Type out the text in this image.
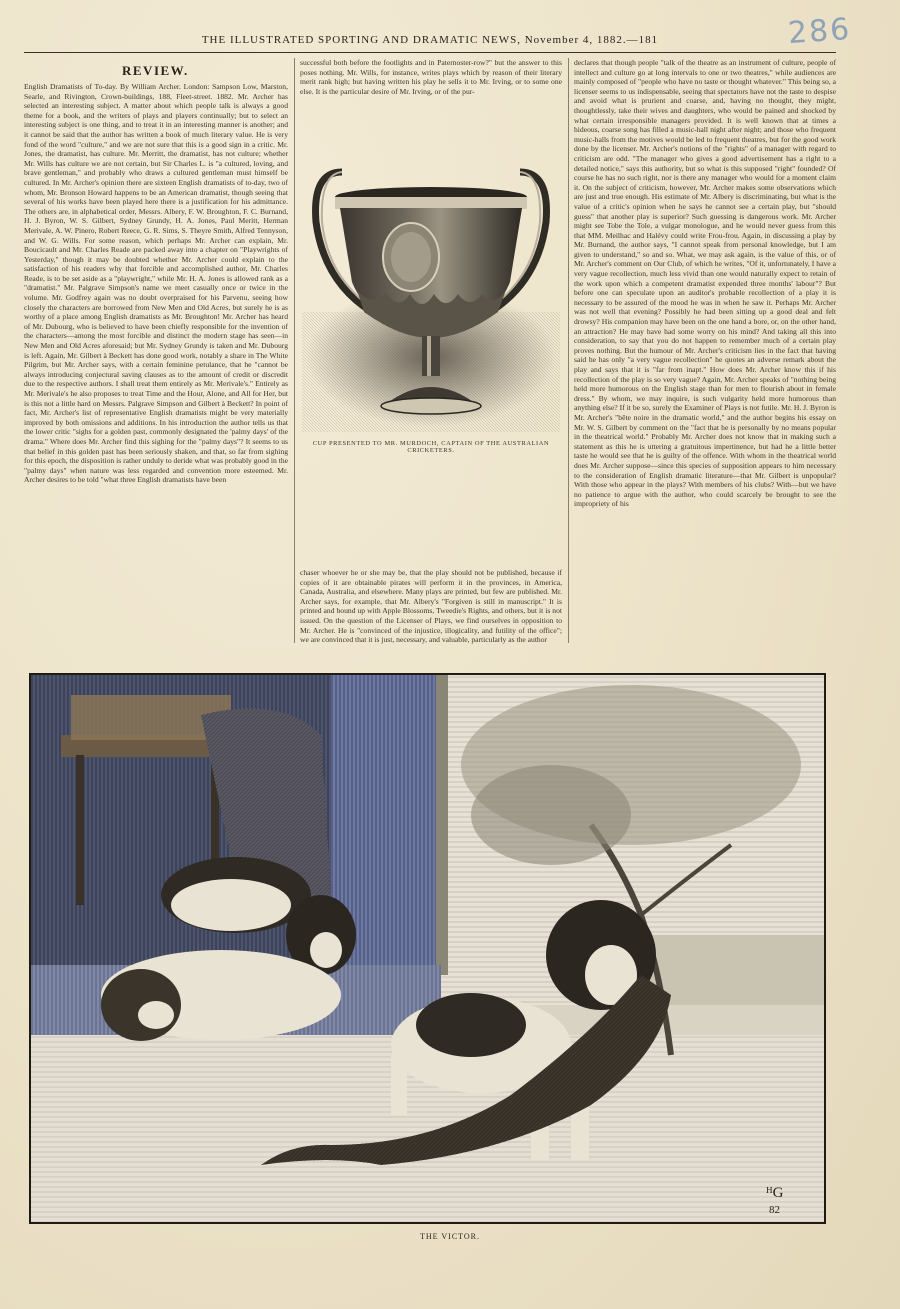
286
THE ILLUSTRATED SPORTING AND DRAMATIC NEWS, November 4, 1882.—181
REVIEW.

English Dramatists of To-day. By William Archer. London: Sampson Low, Marston, Searle, and Rivington, Crown-buildings, 188, Fleet-street. 1882. Mr. Archer has selected an interesting subject. A matter about which people talk is always a good theme for a book, and the writers of plays and players continually; but to select an interesting subject is one thing, and to treat it in an interesting manner is another; and it cannot be said that the author has written a book of much literary value. He is very fond of the word "culture," and we are not sure that this is a good sign in a critic. Mr. Jones, the dramatist, has culture. Mr. Merritt, the dramatist, has not culture; whether Mr. Wills has culture we are not certain, but Sir Charles L. is "a cultured, loving, and brave gentleman," and probably who draws a cultured gentleman must himself be cultured. In Mr. Archer's opinion there are sixteen English dramatists of to-day, two of whom, Mr. Bronson Howard happens to be an American dramatist, though seeing that several of his works have been played here there is a justification for his admittance. The others are, in alphabetical order, Messrs. Albery, F. W. Broughton, F. C. Burnand, H. J. Byron, W. S. Gilbert, Sydney Grundy, H. A. Jones, Paul Meritt, Herman Merivale, A. W. Pinero, Robert Reece, G. R. Sims, S. Theyre Smith, Alfred Tennyson, and W. G. Wills. For some reason, which perhaps Mr. Archer can explain, Mr. Boucicault and Mr. Charles Reade are packed away into a chapter on "Playwrights of Yesterday," though it may be doubted whether Mr. Archer could explain to the satisfaction of his readers why that forcible and accomplished author, Mr. Charles Reade, is to be set aside as a "playwright," while Mr. H. A. Jones is allowed rank as a "dramatist." Mr. Palgrave Simpson's name we meet casually once or twice in the volume. Mr. Godfrey again was no doubt overpraised for his Parvenu, seeing how closely the characters are borrowed from New Men and Old Acres, but surely he is as worthy of a place among English dramatists as Mr. Broughton! Mr. Archer has heard of Mr. Dubourg, who is believed to have been chiefly responsible for the invention of the characters—among the most forcible and distinct the modern stage has seen—in New Men and Old Acres aforesaid; but Mr. Sydney Grundy is taken and Mr. Dubourg is left. Again, Mr. Gilbert à Beckett has done good work, notably a share in The White Pilgrim, but Mr. Archer says, with a certain feminine petulance, that he "cannot be always introducing conjectural saving clauses as to the amount of credit or discredit due to the respective authors. I shall treat them entirely as Mr. Merivale's." Entirely as Mr. Merivale's he also proposes to treat Time and the Hour, Alone, and All for Her, but is this not a little hard on Messrs. Palgrave Simpson and Gilbert à Beckett? In point of fact, Mr. Archer's list of representative English dramatists might be very materially improved by both omissions and additions. In his introduction the author tells us that the lower critic "sighs for a golden past, commonly designated the 'palmy days' of the drama." Where does Mr. Archer find this sighing for the "palmy days"? It seems to us that belief in this golden past has been seriously shaken, and that, so far from sighing for this epoch, the disposition is rather unduly to deride what was probably good in the "palmy days" when nature was less regarded and convention more esteemed. Mr. Archer desires to be told "what three English dramatists have been

successful both before the footlights and in Paternoster-row?" but the answer to this poses nothing. Mr. Wills, for instance, writes plays which by reason of their literary merit rank high; but having written his play he sells it to Mr. Irving, or to some one else. It is the particular desire of Mr. Irving, or of the pur-

CUP PRESENTED TO MR. MURDOCH, CAPTAIN OF THE AUSTRALIAN CRICKETERS.

chaser whoever he or she may be, that the play should not be published, because if copies of it are obtainable pirates will perform it in the provinces, in America, Canada, Australia, and elsewhere. Many plays are printed, but few are published. Mr. Archer says, for example, that Mr. Albery's "Forgiven is still in manuscript." It is printed and bound up with Apple Blossoms, Tweedie's Rights, and others, but it is not issued. On the question of the Licenser of Plays, we find ourselves in opposition to Mr. Archer. He is "convinced of the injustice, illogicality, and futility of the office"; we are convinced that it is just, necessary, and valuable, particularly as the author

declares that though people "talk of the theatre as an instrument of culture, people of intellect and culture go at long intervals to one or two theatres," while audiences are mainly composed of "people who have no taste or thought whatever." This being so, a licenser seems to us indispensable, seeing that spectators have not the taste to despise and avoid what is prurient and coarse, and, having no thought, they might, thoughtlessly, take their wives and daughters, who would be pained and shocked by what certain irresponsible managers provided. It is well known that at times a hideous, coarse song has filled a music-hall night after night; and those who frequent music-halls from the motives would be led to frequent theatres, but for the good work done by the licenser. Mr. Archer's notions of the "rights" of a manager with regard to criticism are odd. "The manager who gives a good advertisement has a right to a detailed notice," says this authority, but so what is this supposed "right" founded? Of course he has no such right, nor is there any manager who would for a moment claim it. On the subject of criticism, however, Mr. Archer makes some observations which are just and true enough. His estimate of Mr. Albery is discriminating, but what is the value of a critic's opinion when he says he cannot see a certain play, but "should guess" that another play is superior? Such guessing is dangerous work. Mr. Archer might see Tobe the Tole, a vulgar monologue, and he would never guess from this that MM. Meilhac and Halévy could write Frou-frou. Again, in discussing a play by Mr. Burnand, the author says, "I cannot speak from personal knowledge, but I am given to understand," so and so. What, we may ask again, is the value of this, or of Mr. Archer's comment on Our Club, of which he writes, "Of it, unfortunately, I have a very vague recollection, much less vivid than one would naturally expect to retain of the work upon which a competent dramatist expended three months' labour"? But before one can speculate upon an auditor's probable recollection of a play it is necessary to be assured of the mood he was in when he saw it. Perhaps Mr. Archer was not well that evening? Possibly he had been sitting up a good deal and felt drowsy? His companion may have been on the one hand a bore, or, on the other hand, an attraction? He may have had some worry on his mind? And taking all this into consideration, to say that you do not happen to remember much of a certain play proves nothing. But the humour of Mr. Archer's criticism lies in the fact that having said he has only "a very vague recollection" he quotes an adverse remark about the play and says that it is "far from inapt." How does Mr. Archer know this if his recollection of the play is so very vague? Again, Mr. Archer speaks of "nothing being held more humorous on the English stage than for men to flourish about in female dress." By whom, we may inquire, is such vulgarity held more humorous than anything else? If it be so, surely the Examiner of Plays is not futile. Mr. H. J. Byron is Mr. Archer's "bête noire in the dramatic world," and the author begins his essay on Mr. W. S. Gilbert by comment on the "fact that he is personally by no means popular in the theatrical world." Probably Mr. Archer does not know that in making such a statement as this he is uttering a gratuitous impertinence, but had he a little better taste he would see that he is guilty of the offence. With whom in the theatrical world does Mr. Archer suppose—since this species of supposition appears to him necessary to the consideration of English dramatic literature—that Mr. Gilbert is unpopular? With those who appear in the plays? With members of his clubs? With—but we have no patience to argue with the author, who could scarcely be brought to see the impropriety of his

ᴴG
82
THE VICTOR.
